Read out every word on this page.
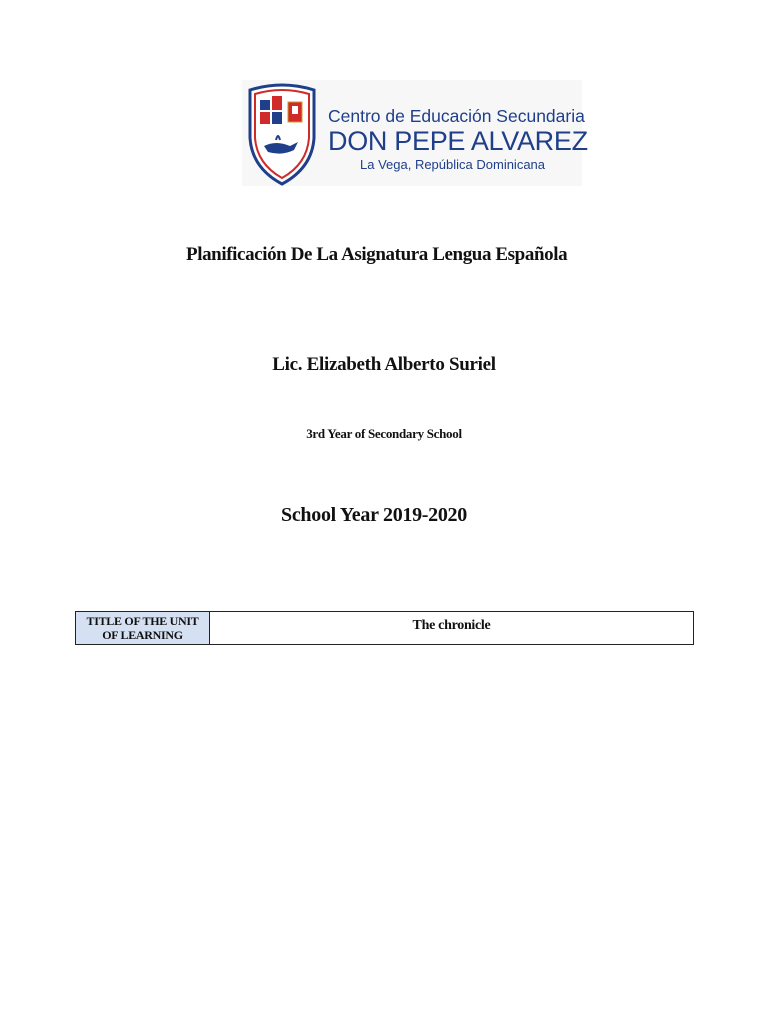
Centro de Educación Secundaria
DON PEPE ALVAREZ
La Vega, República Dominicana
Planificación De La Asignatura Lengua Española
Lic. Elizabeth Alberto Suriel
3rd Year of Secondary School
School Year 2019-2020
TITLE OF THE UNIT OF LEARNING
The chronicle
